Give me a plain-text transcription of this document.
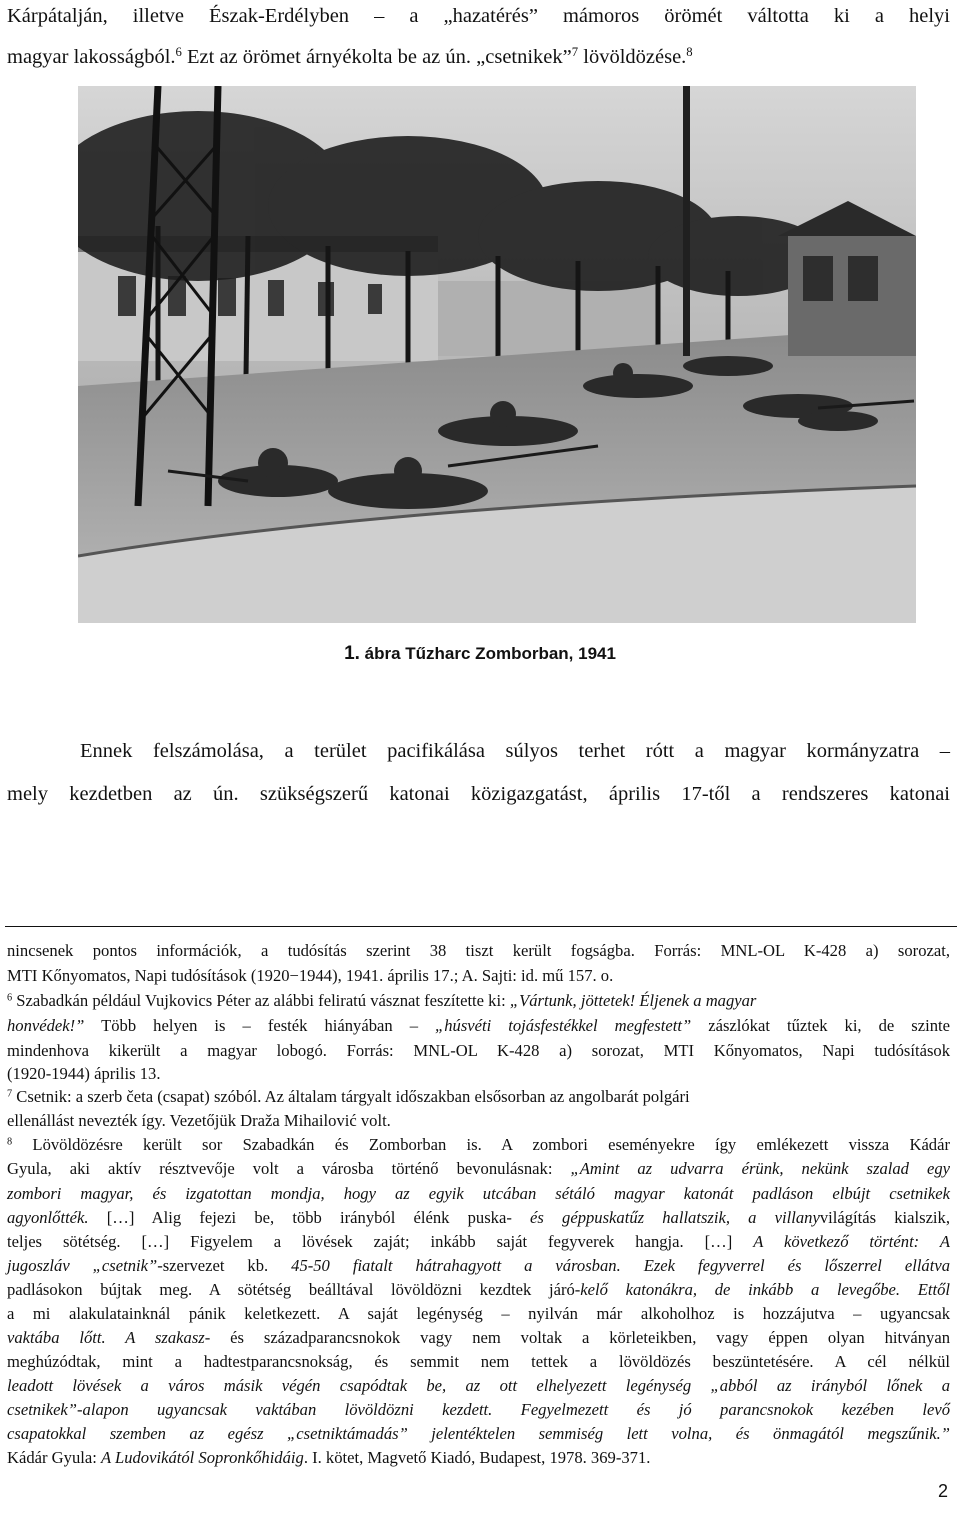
Kárpátalján, illetve Észak-Erdélyben – a „hazatérés” mámoros örömét váltotta ki a helyi
magyar lakosságból.$^6$ Ezt az örömet árnyékolta be az ún. „csetnikek”$^7$ lövöldözése.$^8$
1. ábra Tűzharc Zomborban, 1941
Ennek felszámolása, a terület pacifikálása súlyos terhet rótt a magyar kormányzatra –
mely kezdetben az ún. szükségszerű katonai közigazgatást, április 17-től a rendszeres katonai
nincsenek pontos információk, a tudósítás szerint 38 tiszt került fogságba. Forrás: MNL-OL K-428 a) sorozat,
MTI Kőnyomatos, Napi tudósítások (1920−1944), 1941. április 17.; A. Sajti: id. mű 157. o.
$^6$ Szabadkán például Vujkovics Péter az alábbi feliratú vásznat feszítette ki: „Vártunk, jöttetek! Éljenek a magyar
honvédek!” Több helyen is – festék hiányában – „húsvéti tojásfestékkel megfestett” zászlókat tűztek ki, de szinte
mindenhova kikerült a magyar lobogó. Forrás: MNL-OL K-428 a) sorozat, MTI Kőnyomatos, Napi tudósítások
(1920-1944) április 13.
$^7$ Csetnik: a szerb četa (csapat) szóból. Az általam tárgyalt időszakban elsősorban az angolbarát polgári
ellenállást nevezték így. Vezetőjük Draža Mihailović volt.
$^8$ Lövöldözésre került sor Szabadkán és Zomborban is. A zombori eseményekre így emlékezett vissza Kádár
Gyula, aki aktív résztvevője volt a városba történő bevonulásnak: „Amint az udvarra érünk, nekünk szalad egy
zombori magyar, és izgatottan mondja, hogy az egyik utcában sétáló magyar katonát padláson elbújt csetnikek
agyonlőtték. […] Alig fejezi be, több irányból élénk puska- és géppuskatűz hallatszik, a villanyvilágítás kialszik,
teljes sötétség. […] Figyelem a lövések zaját; inkább saját fegyverek hangja. […] A következő történt: A
jugoszláv „csetnik”-szervezet kb. 45-50 fiatalt hátrahagyott a városban. Ezek fegyverrel és lőszerrel ellátva
padlásokon bújtak meg. A sötétség beálltával lövöldözni kezdtek járó-kelő katonákra, de inkább a levegőbe. Ettől
a mi alakulatainknál pánik keletkezett. A saját legénység – nyilván már alkoholhoz is hozzájutva – ugyancsak
vaktába lőtt. A szakasz- és századparancsnokok vagy nem voltak a körleteikben, vagy éppen olyan hitványan
meghúzódtak, mint a hadtestparancsnokság, és semmit nem tettek a lövöldözés beszüntetésére. A cél nélkül
leadott lövések a város másik végén csapódtak be, az ott elhelyezett legénység „abból az irányból lőnek a
csetnikek”-alapon ugyancsak vaktában lövöldözni kezdett. Fegyelmezett és jó parancsnokok kezében levő
csapatokkal szemben az egész „csetniktámadás” jelentéktelen semmiség lett volna, és önmagától megszűnik.”
Kádár Gyula: A Ludovikától Sopronkőhidáig. I. kötet, Magvető Kiadó, Budapest, 1978. 369-371.
2
